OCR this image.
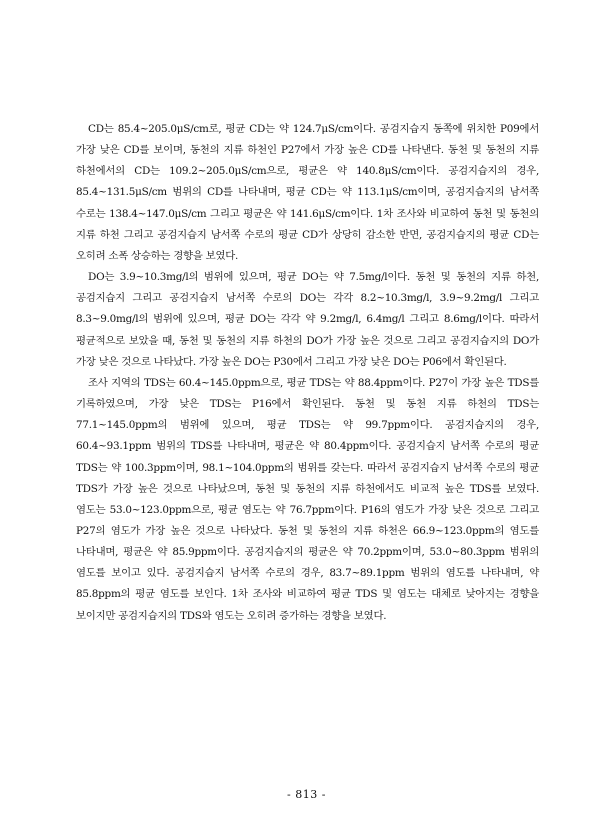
CD는 85.4~205.0μS/cm로, 평균 CD는 약 124.7μS/cm이다. 공검지습지 동쪽에 위치한 P09에서 가장 낮은 CD를 보이며, 동천의 지류 하천인 P27에서 가장 높은 CD를 나타낸다. 동천 및 동천의 지류 하천에서의 CD는 109.2~205.0μS/cm으로, 평균은 약 140.8μS/cm이다. 공검지습지의 경우, 85.4~131.5μS/cm 범위의 CD를 나타내며, 평균 CD는 약 113.1μS/cm이며, 공검지습지의 남서쪽 수로는 138.4~147.0μS/cm 그리고 평균은 약 141.6μS/cm이다. 1차 조사와 비교하여 동천 및 동천의 지류 하천 그리고 공검지습지 남서쪽 수로의 평균 CD가 상당히 감소한 반면, 공검지습지의 평균 CD는 오히려 소폭 상승하는 경향을 보였다.

DO는 3.9~10.3mg/l의 범위에 있으며, 평균 DO는 약 7.5mg/l이다. 동천 및 동천의 지류 하천, 공검지습지 그리고 공검지습지 남서쪽 수로의 DO는 각각 8.2~10.3mg/l, 3.9~9.2mg/l 그리고 8.3~9.0mg/l의 범위에 있으며, 평균 DO는 각각 약 9.2mg/l, 6.4mg/l 그리고 8.6mg/l이다. 따라서 평균적으로 보았을 때, 동천 및 동천의 지류 하천의 DO가 가장 높은 것으로 그리고 공검지습지의 DO가 가장 낮은 것으로 나타났다. 가장 높은 DO는 P30에서 그리고 가장 낮은 DO는 P06에서 확인된다.

조사 지역의 TDS는 60.4~145.0ppm으로, 평균 TDS는 약 88.4ppm이다. P27이 가장 높은 TDS를 기록하였으며, 가장 낮은 TDS는 P16에서 확인된다. 동천 및 동천 지류 하천의 TDS는 77.1~145.0ppm의 범위에 있으며, 평균 TDS는 약 99.7ppm이다. 공검지습지의 경우, 60.4~93.1ppm 범위의 TDS를 나타내며, 평균은 약 80.4ppm이다. 공검지습지 남서쪽 수로의 평균 TDS는 약 100.3ppm이며, 98.1~104.0ppm의 범위를 갖는다. 따라서 공검지습지 남서쪽 수로의 평균 TDS가 가장 높은 것으로 나타났으며, 동천 및 동천의 지류 하천에서도 비교적 높은 TDS를 보였다. 염도는 53.0~123.0ppm으로, 평균 염도는 약 76.7ppm이다. P16의 염도가 가장 낮은 것으로 그리고 P27의 염도가 가장 높은 것으로 나타났다. 동천 및 동천의 지류 하천은 66.9~123.0ppm의 염도를 나타내며, 평균은 약 85.9ppm이다. 공검지습지의 평균은 약 70.2ppm이며, 53.0~80.3ppm 범위의 염도를 보이고 있다. 공검지습지 남서쪽 수로의 경우, 83.7~89.1ppm 범위의 염도를 나타내며, 약 85.8ppm의 평균 염도를 보인다. 1차 조사와 비교하여 평균 TDS 및 염도는 대체로 낮아지는 경향을 보이지만 공검지습지의 TDS와 염도는 오히려 증가하는 경향을 보였다.

- 813 -
